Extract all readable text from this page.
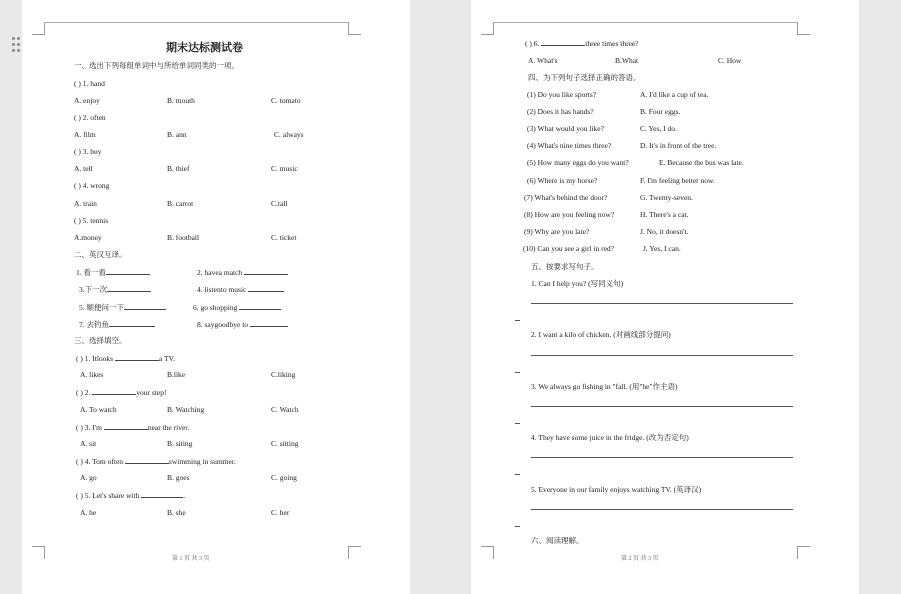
期末达标测试卷
一、选出下列每组单词中与所给单词同类的一项。
( ) 1. hand
A. enjoy	B. mouth	C. tomato
( ) 2. often
A. film	B. ann	C. always
( ) 3. buy
A. tell	B. thief	C. music
( ) 4. wrong
A. train	B. carrot	C.tall
( ) 5. tennis
A.money	B. football	C. ticket
二、英汉互译。
1. 看一看	2. havea match
3.下一次	4. listento music
5. 顺便问一下	6. go shopping
7. 去钓鱼	8. saygoodbye to
三、选择填空。
( ) 1. Itlooks	a TV.
A. likes	B.like	C.liking
( ) 2.	your step!
A. To watch	B. Watching	C. Watch
( ) 3. I'm	near the river.
A. sit	B. siting	C. sitting
( ) 4. Tom often	swimming in summer.
A. go	B. goes	C. going
( ) 5. Let's share with	.
A. he	B. she	C. her
第 1 页 共 3 页
( ) 6.	three times three?
A. What's	B.What	C. How
四、为下列句子选择正确的答语。
(1) Do you like sports?	A. I'd like a cup of tea.
(2) Does it has hands?	B. Four eggs.
(3) What would you like?	C. Yes, I do.
(4) What's nine times three?	D. It's in front of the tree.
(5) How many eggs do you want?	E. Because the bus was late.
(6) Where is my horse?	F. I'm feeling better now.
(7) What's behind the door?	G. Twenty-seven.
(8) How are you feeling now?	H. There's a cat.
(9) Why are you late?	J. No, it doesn't.
(10) Can you see a girl in red?	J. Yes, I can.
五、按要求写句子。
1. Can I help you? (写同义句)
2. I want a kilo of chicken. (对画线部分提问)
3. We always go fishing in "fall. (用"he"作主语)
4. They have some juice in the fridge. (改为否定句)
5. Everyone in our family enjoys watching TV. (英译汉)
六、阅读理解。
第 2 页 共 3 页
